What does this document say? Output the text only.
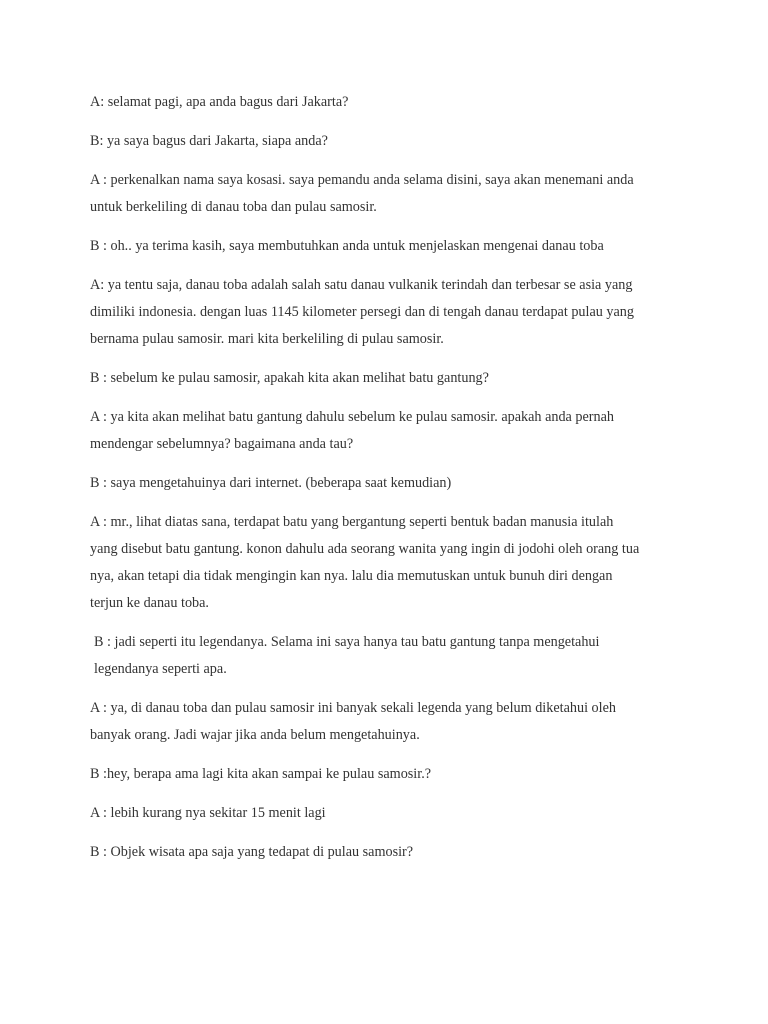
A: selamat pagi, apa anda bagus dari Jakarta?

B: ya saya bagus dari Jakarta, siapa anda?

A : perkenalkan nama saya kosasi. saya pemandu anda selama disini, saya akan menemani anda
untuk berkeliling di danau toba dan pulau samosir.

B : oh.. ya terima kasih, saya membutuhkan anda untuk menjelaskan mengenai danau toba

A: ya tentu saja, danau toba adalah salah satu danau vulkanik terindah dan terbesar se asia yang
dimiliki indonesia. dengan luas 1145 kilometer persegi dan di tengah danau terdapat pulau yang
bernama pulau samosir. mari kita berkeliling di pulau samosir.

B : sebelum ke pulau samosir, apakah kita akan melihat batu gantung?

A : ya kita akan melihat batu gantung dahulu sebelum ke pulau samosir. apakah anda pernah
mendengar sebelumnya? bagaimana anda tau?

B : saya mengetahuinya dari internet. (beberapa saat kemudian)

A : mr., lihat diatas sana, terdapat batu yang bergantung seperti bentuk badan manusia itulah
yang disebut batu gantung. konon dahulu ada seorang wanita yang ingin di jodohi oleh orang tua
nya, akan tetapi dia tidak mengingin kan nya. lalu dia memutuskan untuk bunuh diri dengan
terjun ke danau toba.

B : jadi seperti itu legendanya. Selama ini saya hanya tau batu gantung tanpa mengetahui
legendanya seperti apa.

A : ya, di danau toba dan pulau samosir ini banyak sekali legenda yang belum diketahui oleh
banyak orang. Jadi wajar jika anda belum mengetahuinya.

B :hey, berapa ama lagi kita akan sampai ke pulau samosir.?

A : lebih kurang nya sekitar 15 menit lagi

B : Objek wisata apa saja yang tedapat di pulau samosir?
